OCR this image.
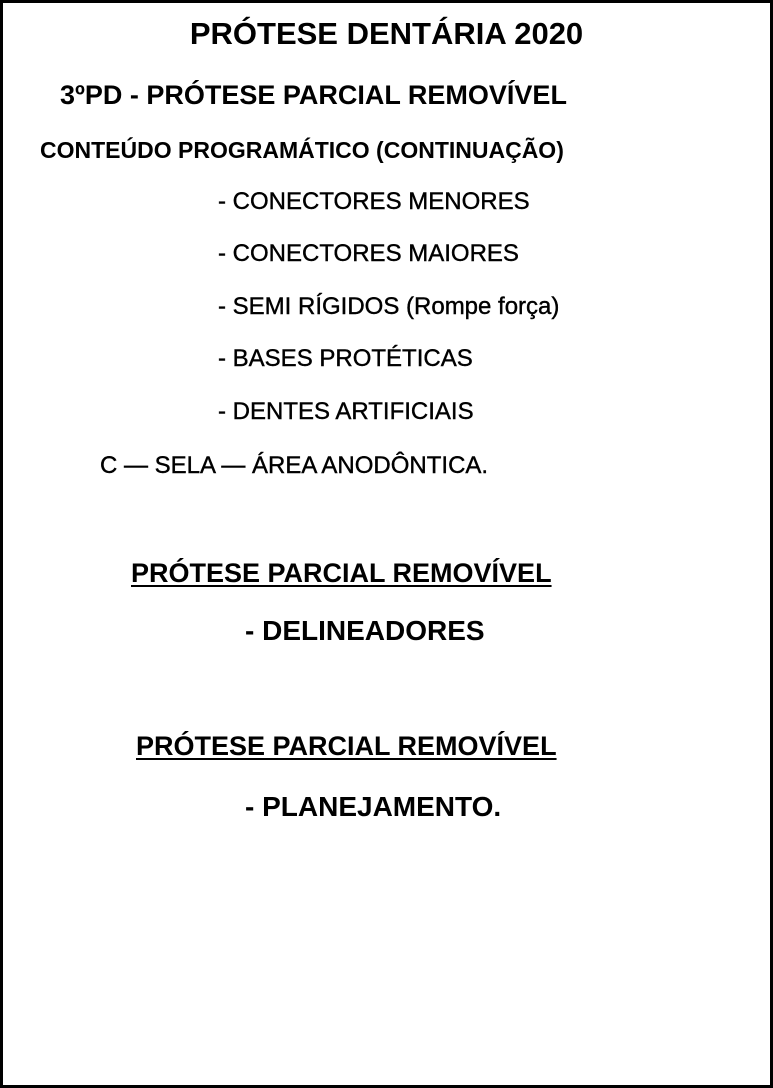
PRÓTESE DENTÁRIA 2020
3ºPD - PRÓTESE PARCIAL REMOVÍVEL
CONTEÚDO PROGRAMÁTICO (CONTINUAÇÃO)
- CONECTORES MENORES
- CONECTORES MAIORES
- SEMI RÍGIDOS (Rompe força)
- BASES PROTÉTICAS
- DENTES ARTIFICIAIS
C — SELA — ÁREA ANODÔNTICA.
PRÓTESE PARCIAL REMOVÍVEL
- DELINEADORES
PRÓTESE PARCIAL REMOVÍVEL
- PLANEJAMENTO.
